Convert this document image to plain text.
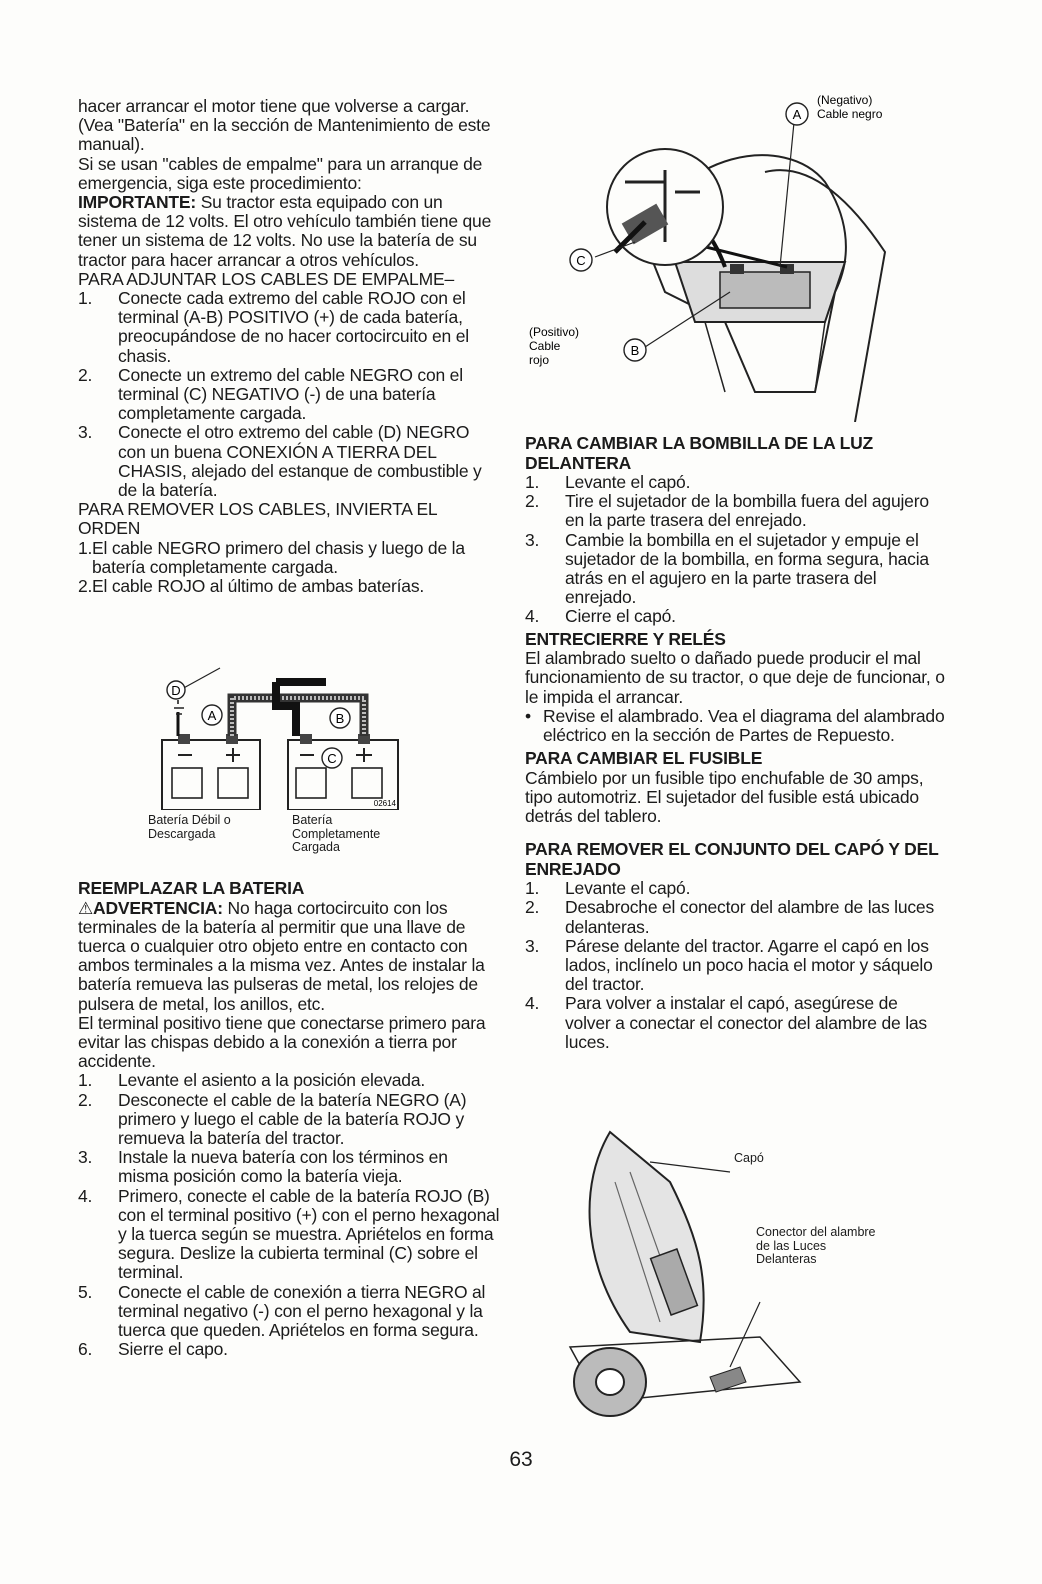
hacer arrancar el motor tiene que volverse a cargar. (Vea "Batería" en la sección de Mantenimiento de este manual).

Si se usan "cables de empalme" para un arranque de emergencia, siga este procedimiento:

IMPORTANTE: Su tractor esta equipado con un sistema de 12 volts. El otro vehículo también tiene que tener un sistema de 12 volts. No use la batería de su tractor para hacer arrancar a otros vehículos.

PARA ADJUNTAR LOS CABLES DE EMPALME–

1. Conecte cada extremo del cable ROJO con el terminal (A-B) POSITIVO (+) de cada batería, preocupándose de no hacer cortocircuito en el chasis.
2. Conecte un extremo del cable NEGRO con el terminal (C) NEGATIVO (-) de una batería completamente cargada.
3. Conecte el otro extremo del cable (D) NEGRO con un buena CONEXIÓN A TIERRA DEL CHASIS, alejado del estanque de combustible y de la batería.

PARA REMOVER LOS CABLES, INVIERTA EL ORDEN

1. El cable NEGRO primero del chasis y luego de la batería completamente cargada.
2. El cable ROJO al último de ambas baterías.
D
A	B
C
02614
Batería Débil o Descargada
Batería Completamente Cargada

REEMPLAZAR LA BATERIA

⚠ADVERTENCIA: No haga cortocircuito con los terminales de la batería al permitir que una llave de tuerca o cualquier otro objeto entre en contacto con ambos terminales a la misma vez. Antes de instalar la batería remueva las pulseras de metal, los relojes de pulsera de metal, los anillos, etc.

El terminal positivo tiene que conectarse primero para evitar las chispas debido a la conexión a tierra por accidente.

1. Levante el asiento a la posición elevada.
2. Desconecte el cable de la batería NEGRO (A) primero y luego el cable de la batería ROJO y remueva la batería del tractor.
3. Instale la nueva batería con los términos en misma posición como la batería vieja.
4. Primero, conecte el cable de la batería ROJO (B) con el terminal positivo (+) con el perno hexagonal y la tuerca según se muestra. Apriételos en forma segura. Deslize la cubierta terminal (C) sobre el terminal.
5. Conecte el cable de conexión a tierra NEGRO al terminal negativo (-) con el perno hexagonal y la tuerca que queden. Apriételos en forma segura.
6. Sierre el capo.
A
(Negativo)
Cable negro
C
(Positivo)
Cable
rojo
B

PARA CAMBIAR LA BOMBILLA DE LA LUZ DELANTERA

1. Levante el capó.
2. Tire el sujetador de la bombilla fuera del agujero en la parte trasera del enrejado.
3. Cambie la bombilla en el sujetador y empuje el sujetador de la bombilla, en forma segura, hacia atrás en el agujero en la parte trasera del enrejado.
4. Cierre el capó.

ENTRECIERRE Y RELÉS

El alambrado suelto o dañado puede producir el mal funcionamiento de su tractor, o que deje de funcionar, o le impida el arrancar.

• Revise el alambrado. Vea el diagrama del alambrado eléctrico en la sección de Partes de Repuesto.

PARA CAMBIAR EL FUSIBLE

Cámbielo por un fusible tipo enchufable de 30 amps, tipo automotriz. El sujetador del fusible está ubicado detrás del tablero.

PARA REMOVER EL CONJUNTO DEL CAPÓ Y DEL ENREJADO

1. Levante el capó.
2. Desabroche el conector del alambre de las luces delanteras.
3. Párese delante del tractor. Agarre el capó en los lados, inclínelo un poco hacia el motor y sáquelo del tractor.
4. Para volver a instalar el capó, asegúrese de volver a conectar el conector del alambre de las luces.
Capó
Conector del alambre de las Luces Delanteras
63
